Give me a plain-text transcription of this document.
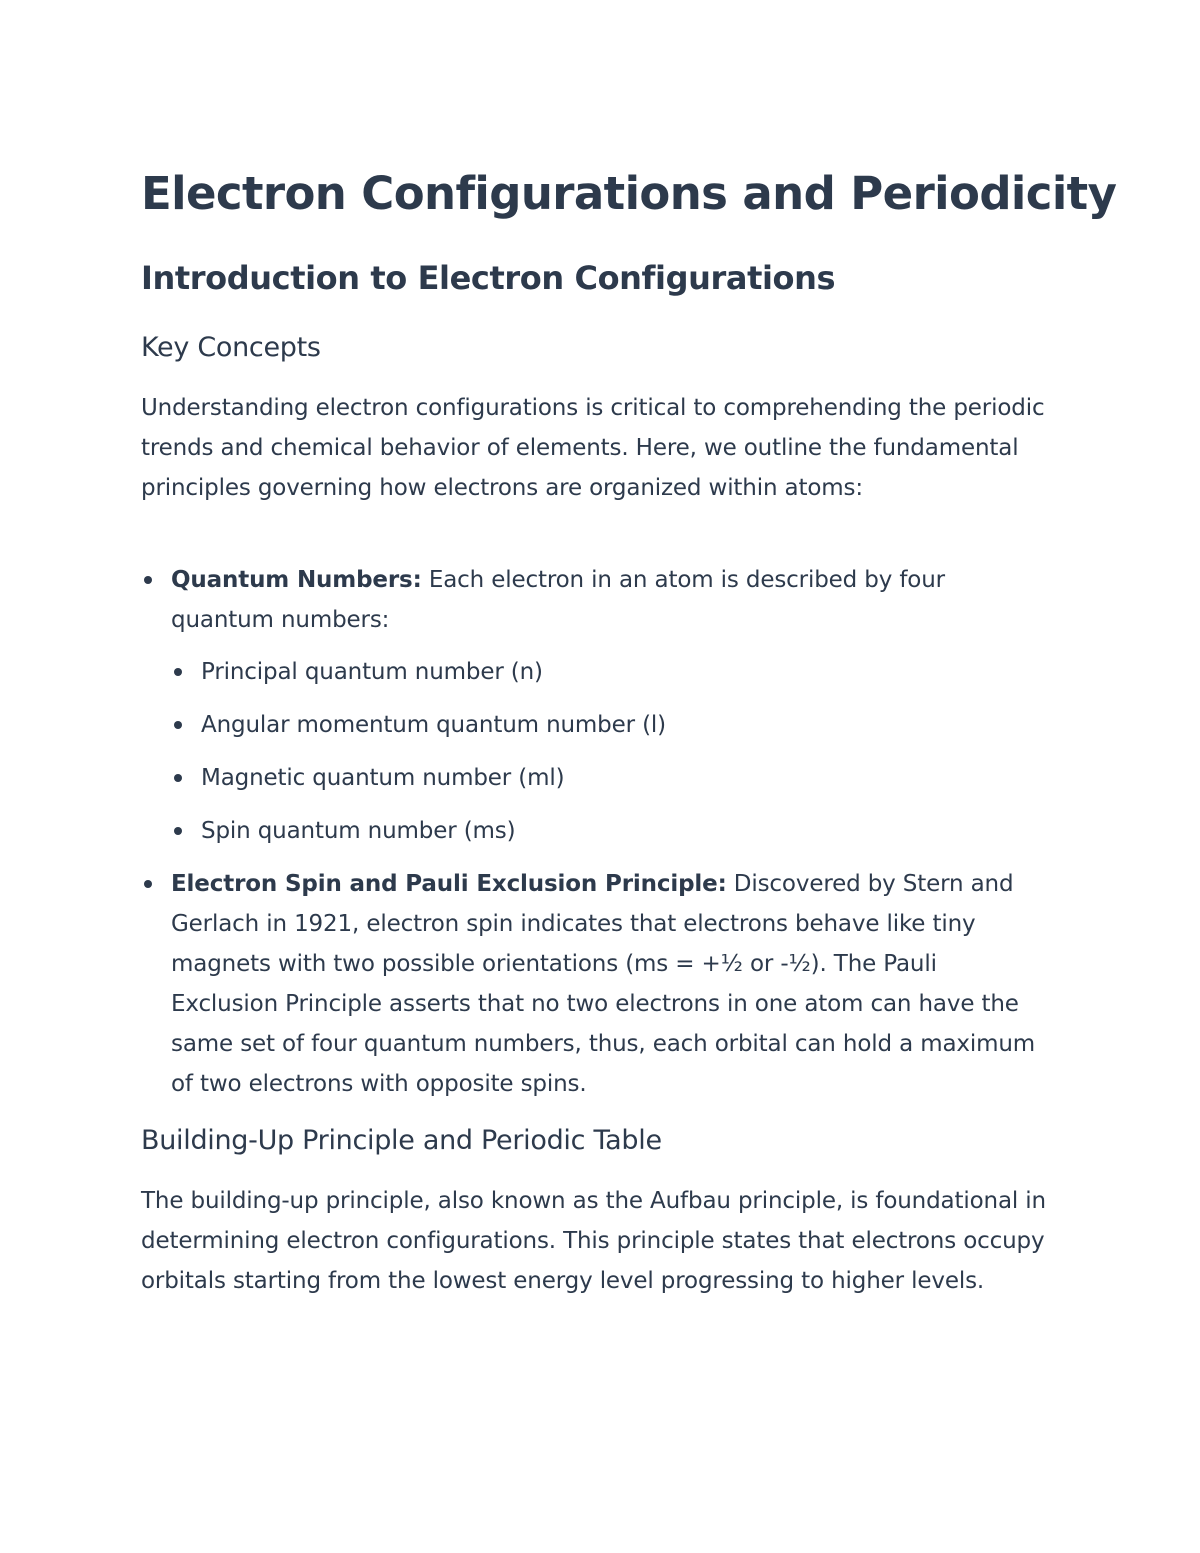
Electron Configurations and Periodicity
Introduction to Electron Configurations
Key Concepts

Understanding electron configurations is critical to comprehending the periodic trends and chemical behavior of elements. Here, we outline the fundamental principles governing how electrons are organized within atoms:

Quantum Numbers: Each electron in an atom is described by four quantum numbers:
Principal quantum number (n)
Angular momentum quantum number (l)
Magnetic quantum number (ml)
Spin quantum number (ms)
Electron Spin and Pauli Exclusion Principle: Discovered by Stern and Gerlach in 1921, electron spin indicates that electrons behave like tiny magnets with two possible orientations (ms = +½ or -½). The Pauli Exclusion Principle asserts that no two electrons in one atom can have the same set of four quantum numbers, thus, each orbital can hold a maximum of two electrons with opposite spins.
Building-Up Principle and Periodic Table

The building-up principle, also known as the Aufbau principle, is foundational in determining electron configurations. This principle states that electrons occupy orbitals starting from the lowest energy level progressing to higher levels.
